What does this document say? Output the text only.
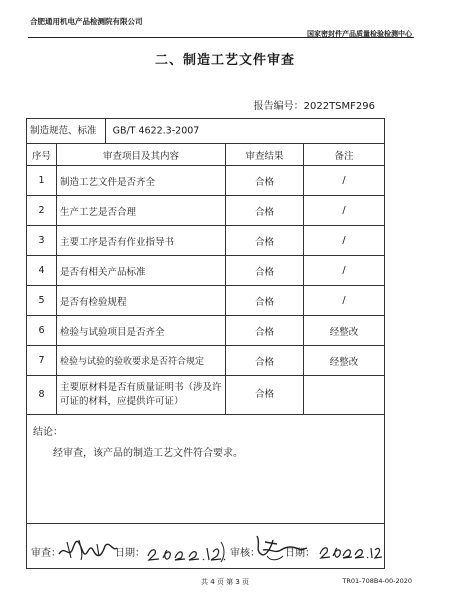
合肥通用机电产品检测院有限公司
国家密封件产品质量检验检测中心
二、制造工艺文件审查
报告编号：2022TSMF296
制造规范、标准 GB/T 4622.3-2007			
序号	审查项目及其内容	审查结果	备注
1	制造工艺文件是否齐全	合格	/
2	生产工艺是否合理	合格	/
3	主要工序是否有作业指导书	合格	/
4	是否有相关产品标准	合格	/
5	是否有检验规程	合格	/
6	检验与试验项目是否齐全	合格	经整改
7	检验与试验的验收要求是否符合规定	合格	经整改
8	主要原材料是否有质量证明书（涉及许可证的材料，应提供许可证）	合格	

结论：
经审查，该产品的制造工艺文件符合要求。			

审查： 日期： 审核： 日期：			
共 4 页 第 3 页	TR01-708B4-00-2020
